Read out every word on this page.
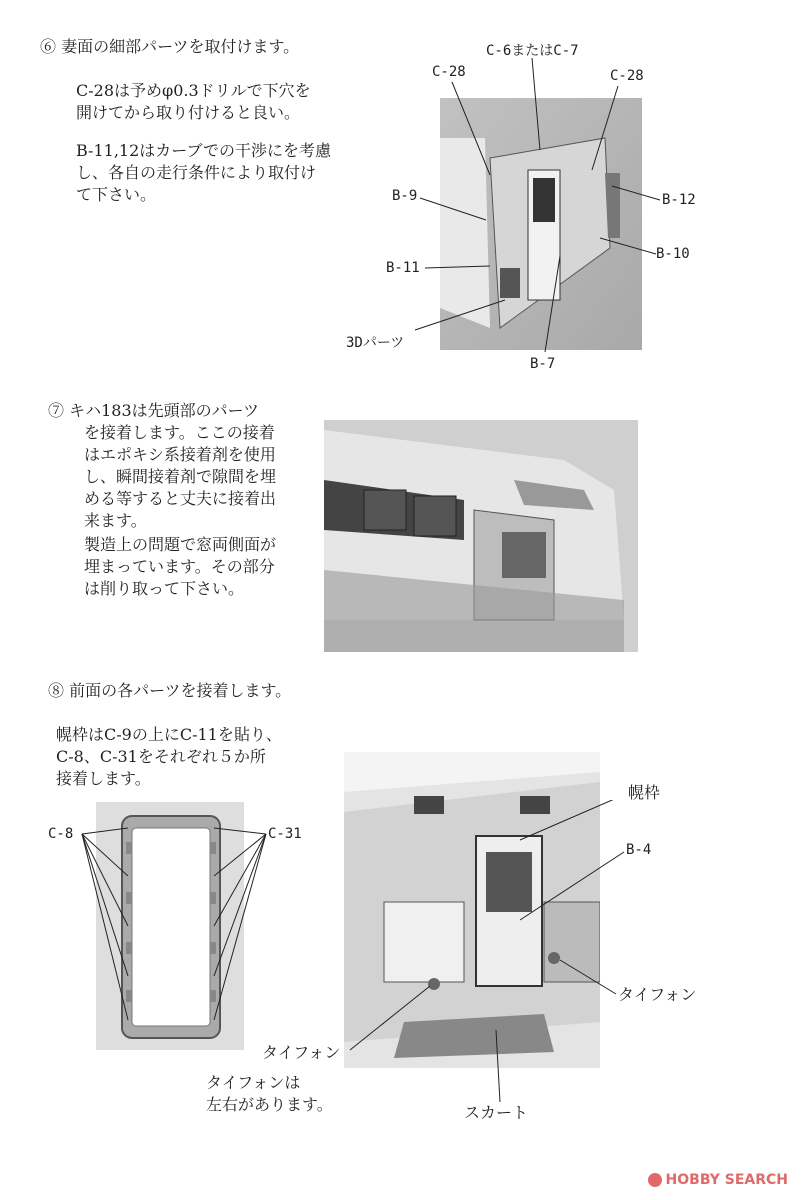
⑥ 妻面の細部パーツを取付けます。
C-28は予めφ0.3ドリルで下穴を
開けてから取り付けると良い。
B-11,12はカーブでの干渉にを考慮
し、各自の走行条件により取付け
て下さい。
C-28
C-6またはC-7
C-28
B-9	B-12
B-10
B-11
3Dパーツ
B-7
⑦ キハ183は先頭部のパーツ
を接着します。ここの接着
はエポキシ系接着剤を使用
し、瞬間接着剤で隙間を埋
める等すると丈夫に接着出
来ます。
製造上の問題で窓両側面が
埋まっています。その部分
は削り取って下さい。
⑧ 前面の各パーツを接着します。
幌枠はC-9の上にC-11を貼り、
C-8、C-31をそれぞれ５か所
接着します。
C-8	C-31
幌枠
B-4
タイフォン
タイフォン
タイフォンは
左右があります。	スカート
HOBBY SEARCH
